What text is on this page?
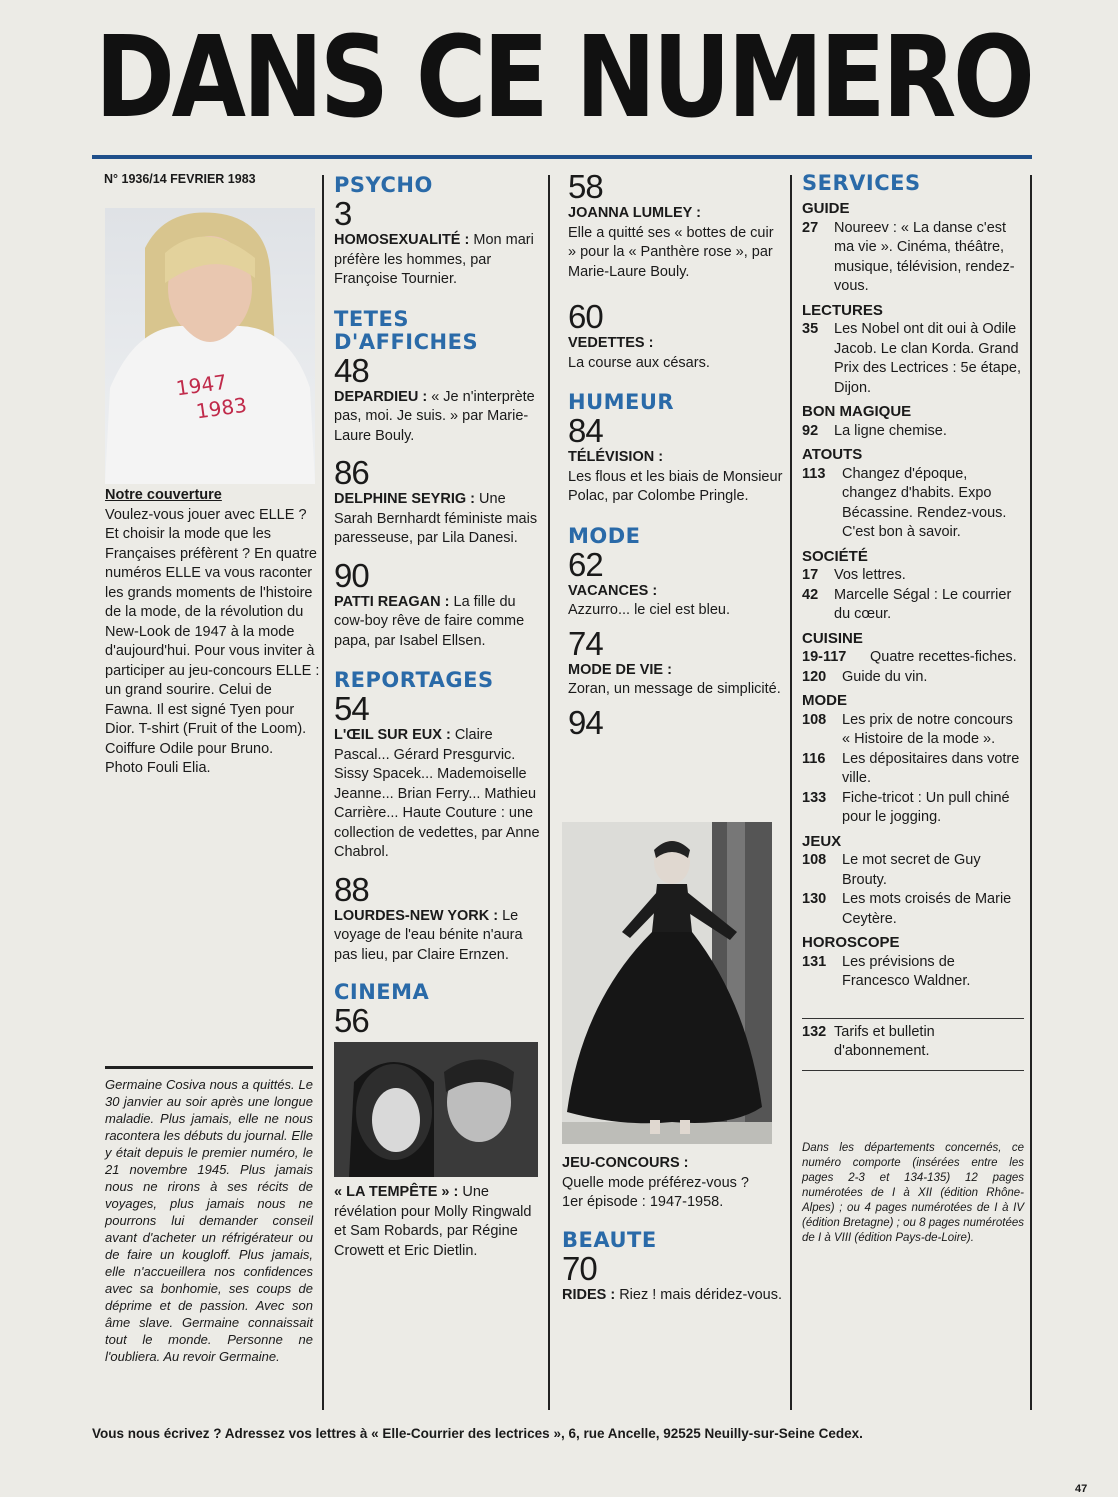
DANS CE NUMERO
N° 1936/14 FEVRIER 1983
1947
1983

Notre couverture

Voulez-vous jouer avec ELLE ? Et choisir la mode que les Françaises préfèrent ? En quatre numéros ELLE va vous raconter les grands moments de l'histoire de la mode, de la révolution du New-Look de 1947 à la mode d'aujourd'hui. Pour vous inviter à participer au jeu-concours ELLE : un grand sourire. Celui de Fawna. Il est signé Tyen pour Dior. T-shirt (Fruit of the Loom). Coiffure Odile pour Bruno.

Photo Fouli Elia.

Germaine Cosiva nous a quittés. Le 30 janvier au soir après une longue maladie. Plus jamais, elle ne nous racontera les débuts du journal. Elle y était depuis le premier numéro, le 21 novembre 1945. Plus jamais nous ne rirons à ses récits de voyages, plus jamais nous ne pourrons lui demander conseil avant d'acheter un réfrigérateur ou de faire un kougloff. Plus jamais, elle n'accueillera nos confidences avec sa bonhomie, ses coups de déprime et de passion. Avec son âme slave. Germaine connaissait tout le monde. Personne ne l'oubliera. Au revoir Germaine.
PSYCHO
3

HOMOSEXUALITÉ : Mon mari préfère les hommes, par Françoise Tournier.

TETES
D'AFFICHES
48

DEPARDIEU : « Je n'interprète pas, moi. Je suis. » par Marie-Laure Bouly.

86

DELPHINE SEYRIG : Une Sarah Bernhardt féministe mais paresseuse, par Lila Danesi.

90

PATTI REAGAN : La fille du cow-boy rêve de faire comme papa, par Isabel Ellsen.

REPORTAGES
54

L'ŒIL SUR EUX : Claire Pascal... Gérard Presgurvic. Sissy Spacek... Mademoiselle Jeanne... Brian Ferry... Mathieu Carrière... Haute Couture : une collection de vedettes, par Anne Chabrol.

88

LOURDES-NEW YORK : Le voyage de l'eau bénite n'aura pas lieu, par Claire Ernzen.

CINEMA
56

« LA TEMPÊTE » : Une révélation pour Molly Ringwald et Sam Robards, par Régine Crowett et Eric Dietlin.

58

JOANNA LUMLEY :

Elle a quitté ses « bottes de cuir » pour la « Panthère rose », par Marie-Laure Bouly.

60

VEDETTES :

La course aux césars.

HUMEUR
84

TÉLÉVISION :

Les flous et les biais de Monsieur Polac, par Colombe Pringle.

MODE
62

VACANCES :

Azzurro... le ciel est bleu.

74

MODE DE VIE :

Zoran, un message de simplicité.

94

JEU-CONCOURS :

Quelle mode préférez-vous ?

1er épisode : 1947-1958.

BEAUTE
70

RIDES : Riez ! mais déridez-vous.

SERVICES
GUIDE
27	Noureev : « La danse c'est ma vie ». Cinéma, théâtre, musique, télévision, rendez-vous.
LECTURES
35	Les Nobel ont dit oui à Odile Jacob. Le clan Korda. Grand Prix des Lectrices : 5e étape, Dijon.
BON MAGIQUE
92	La ligne chemise.
ATOUTS
113	Changez d'époque, changez d'habits. Expo Bécassine. Rendez-vous. C'est bon à savoir.
SOCIÉTÉ
17	Vos lettres.
42	Marcelle Ségal : Le courrier du cœur.
CUISINE
19-117	Quatre recettes-fiches.
120	Guide du vin.
MODE
108	Les prix de notre concours « Histoire de la mode ».
116	Les dépositaires dans votre ville.
133	Fiche-tricot : Un pull chiné pour le jogging.
JEUX
108	Le mot secret de Guy Brouty.
130	Les mots croisés de Marie Ceytère.
HOROSCOPE
131	Les prévisions de Francesco Waldner.
132 Tarifs et bulletin d'abonnement.

Dans les départements concernés, ce numéro comporte (insérées entre les pages 2-3 et 134-135) 12 pages numérotées de I à XII (édition Rhône-Alpes) ; ou 4 pages numérotées de I à IV (édition Bretagne) ; ou 8 pages numérotées de I à VIII (édition Pays-de-Loire).

Vous nous écrivez ? Adressez vos lettres à « Elle-Courrier des lectrices », 6, rue Ancelle, 92525 Neuilly-sur-Seine Cedex.
47
